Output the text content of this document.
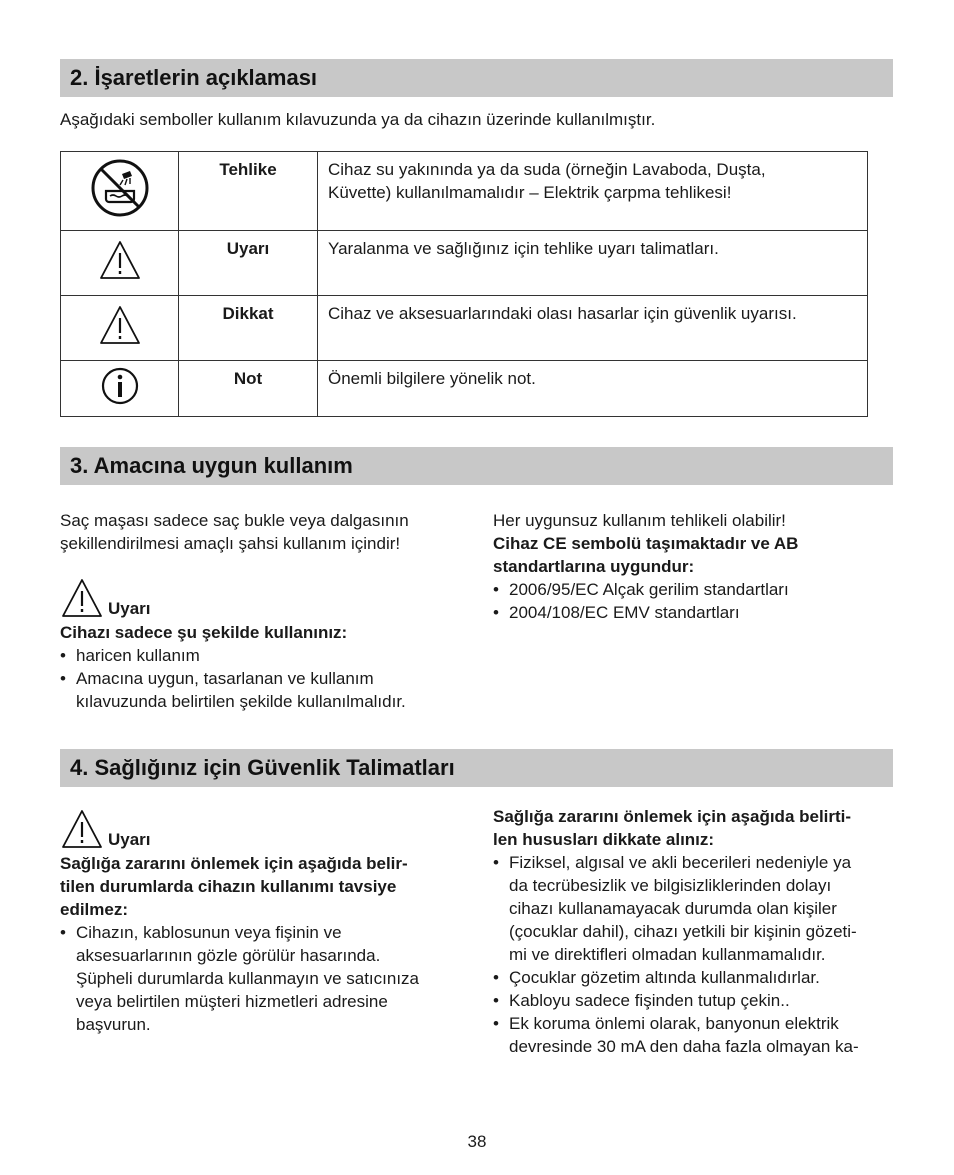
2. İşaretlerin açıklaması
Aşağıdaki semboller kullanım kılavuzunda ya da cihazın üzerinde kullanılmıştır.
	Tehlike	Cihaz su yakınında ya da suda (örneğin Lavaboda, Duşta,
Küvette) kullanılmamalıdır – Elektrik çarpma tehlikesi!

	Uyarı	Yaralanma ve sağlığınız için tehlike uyarı talimatları.

	Dikkat	Cihaz ve aksesuarlarındaki olası hasarlar için güvenlik uyarısı.

	Not	Önemli bilgilere yönelik not.
3. Amacına uygun kullanım

Saç maşası sadece saç bukle veya dalgasının

şekillendirilmesi amaçlı şahsi kullanım içindir!

Uyarı

Cihazı sadece şu şekilde kullanınız:

• haricen kullanım
• Amacına uygun, tasarlanan ve kullanım
kılavuzunda belirtilen şekilde kullanılmalıdır.

Her uygunsuz kullanım tehlikeli olabilir!

Cihaz CE sembolü taşımaktadır ve AB

standartlarına uygundur:

• 2006/95/EC Alçak gerilim standartları
• 2004/108/EC EMV standartları
4. Sağlığınız için Güvenlik Talimatları
Uyarı

Sağlığa zararını önlemek için aşağıda belir-

tilen durumlarda cihazın kullanımı tavsiye

edilmez:

• Cihazın, kablosunun veya fişinin ve
aksesuarlarının gözle görülür hasarında.
Şüpheli durumlarda kullanmayın ve satıcınıza
veya belirtilen müşteri hizmetleri adresine
başvurun.

Sağlığa zararını önlemek için aşağıda belirti-

len hususları dikkate alınız:

• Fiziksel, algısal ve akli becerileri nedeniyle ya
da tecrübesizlik ve bilgisizliklerinden dolayı
cihazı kullanamayacak durumda olan kişiler
(çocuklar dahil), cihazı yetkili bir kişinin gözeti-
mi ve direktifleri olmadan kullanmamalıdır.
• Çocuklar gözetim altında kullanmalıdırlar.
• Kabloyu sadece fişinden tutup çekin..
• Ek koruma önlemi olarak, banyonun elektrik
devresinde 30 mA den daha fazla olmayan ka-
38
